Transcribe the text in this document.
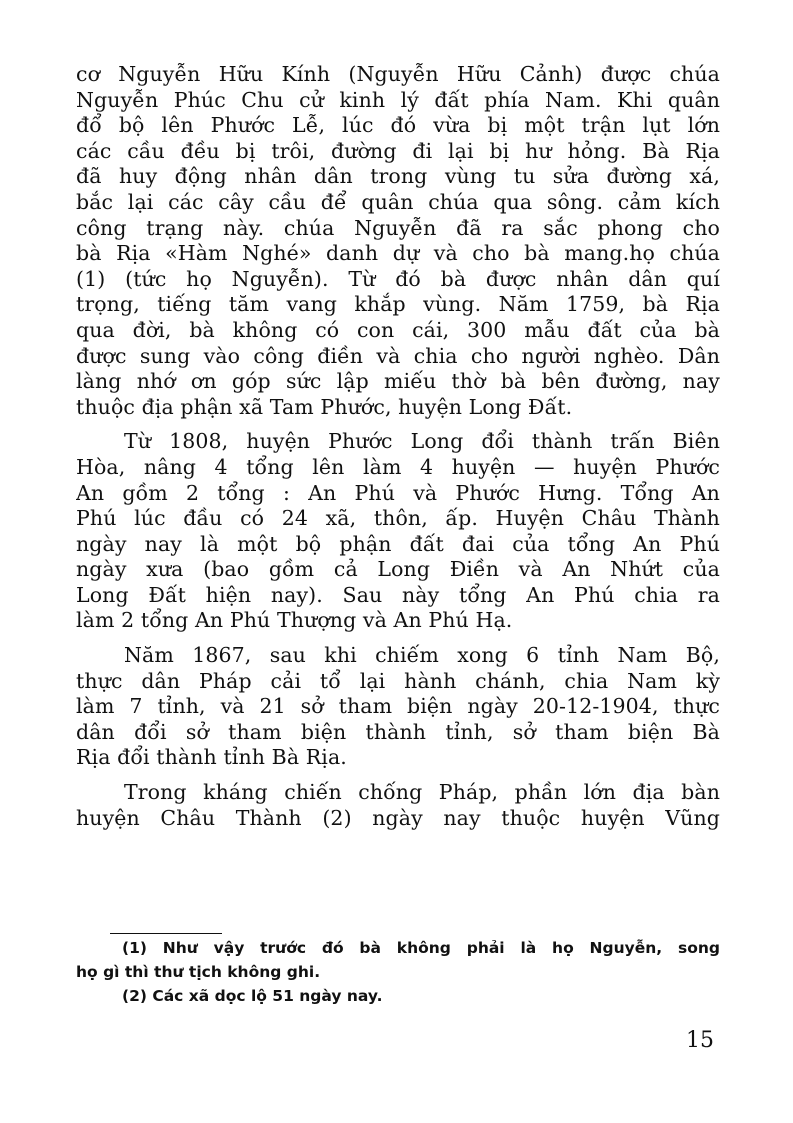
cơ Nguyễn Hữu Kính (Nguyễn Hữu Cảnh) được chúa
Nguyễn Phúc Chu cử kinh lý đất phía Nam. Khi quân
đổ bộ lên Phước Lễ, lúc đó vừa bị một trận lụt lớn
các cầu đều bị trôi, đường đi lại bị hư hỏng. Bà Rịa
đã huy động nhân dân trong vùng tu sửa đường xá,
bắc lại các cây cầu để quân chúa qua sông. cảm kích
công trạng này. chúa Nguyễn đã ra sắc phong cho
bà Rịa «Hàm Nghé» danh dự và cho bà mang.họ chúa
(1) (tức họ Nguyễn). Từ đó bà được nhân dân quí
trọng, tiếng tăm vang khắp vùng. Năm 1759, bà Rịa
qua đời, bà không có con cái, 300 mẫu đất của bà
được sung vào công điền và chia cho người nghèo. Dân
làng nhớ ơn góp sức lập miếu thờ bà bên đường, nay
thuộc địa phận xã Tam Phước, huyện Long Đất.
Từ 1808, huyện Phước Long đổi thành trấn Biên
Hòa, nâng 4 tổng lên làm 4 huyện — huyện Phước
An gồm 2 tổng : An Phú và Phước Hưng. Tổng An
Phú lúc đầu có 24 xã, thôn, ấp. Huyện Châu Thành
ngày nay là một bộ phận đất đai của tổng An Phú
ngày xưa (bao gồm cả Long Điền và An Nhứt của
Long Đất hiện nay). Sau này tổng An Phú chia ra
làm 2 tổng An Phú Thượng và An Phú Hạ.
Năm 1867, sau khi chiếm xong 6 tỉnh Nam Bộ,
thực dân Pháp cải tổ lại hành chánh, chia Nam kỳ
làm 7 tỉnh, và 21 sở tham biện ngày 20-12-1904, thực
dân đổi sở tham biện thành tỉnh, sở tham biện Bà
Rịa đổi thành tỉnh Bà Rịa.
Trong kháng chiến chống Pháp, phần lớn địa bàn
huyện Châu Thành (2) ngày nay thuộc huyện Vũng
(1) Như vậy trước đó bà không phải là họ Nguyễn, song
họ gì thì thư tịch không ghi.
(2) Các xã dọc lộ 51 ngày nay.
15
